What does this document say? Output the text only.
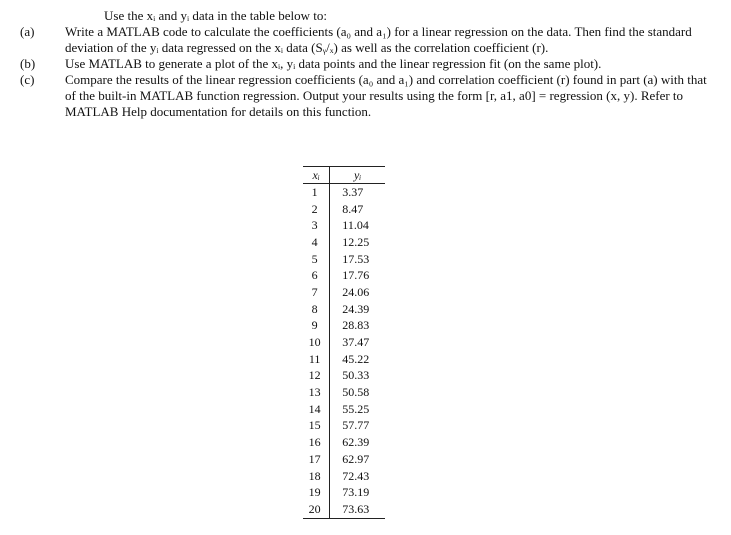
Use the xᵢ and yᵢ data in the table below to:
(a)	Write a MATLAB code to calculate the coefficients (a₀ and a₁) for a linear regression on the data. Then find the standard deviation of the yᵢ data regressed on the xᵢ data (Sᵧ/ₓ) as well as the correlation coefficient (r).
(b)	Use MATLAB to generate a plot of the xᵢ, yᵢ data points and the linear regression fit (on the same plot).
(c)	Compare the results of the linear regression coefficients (a₀ and a₁) and correlation coefficient (r) found in part (a) with that of the built-in MATLAB function regression. Output your results using the form [r, a1, a0] = regression (x, y). Refer to MATLAB Help documentation for details on this function.
xᵢ	yᵢ
1	3.37
2	8.47
3	11.04
4	12.25
5	17.53
6	17.76
7	24.06
8	24.39
9	28.83
10	37.47
11	45.22
12	50.33
13	50.58
14	55.25
15	57.77
16	62.39
17	62.97
18	72.43
19	73.19
20	73.63
